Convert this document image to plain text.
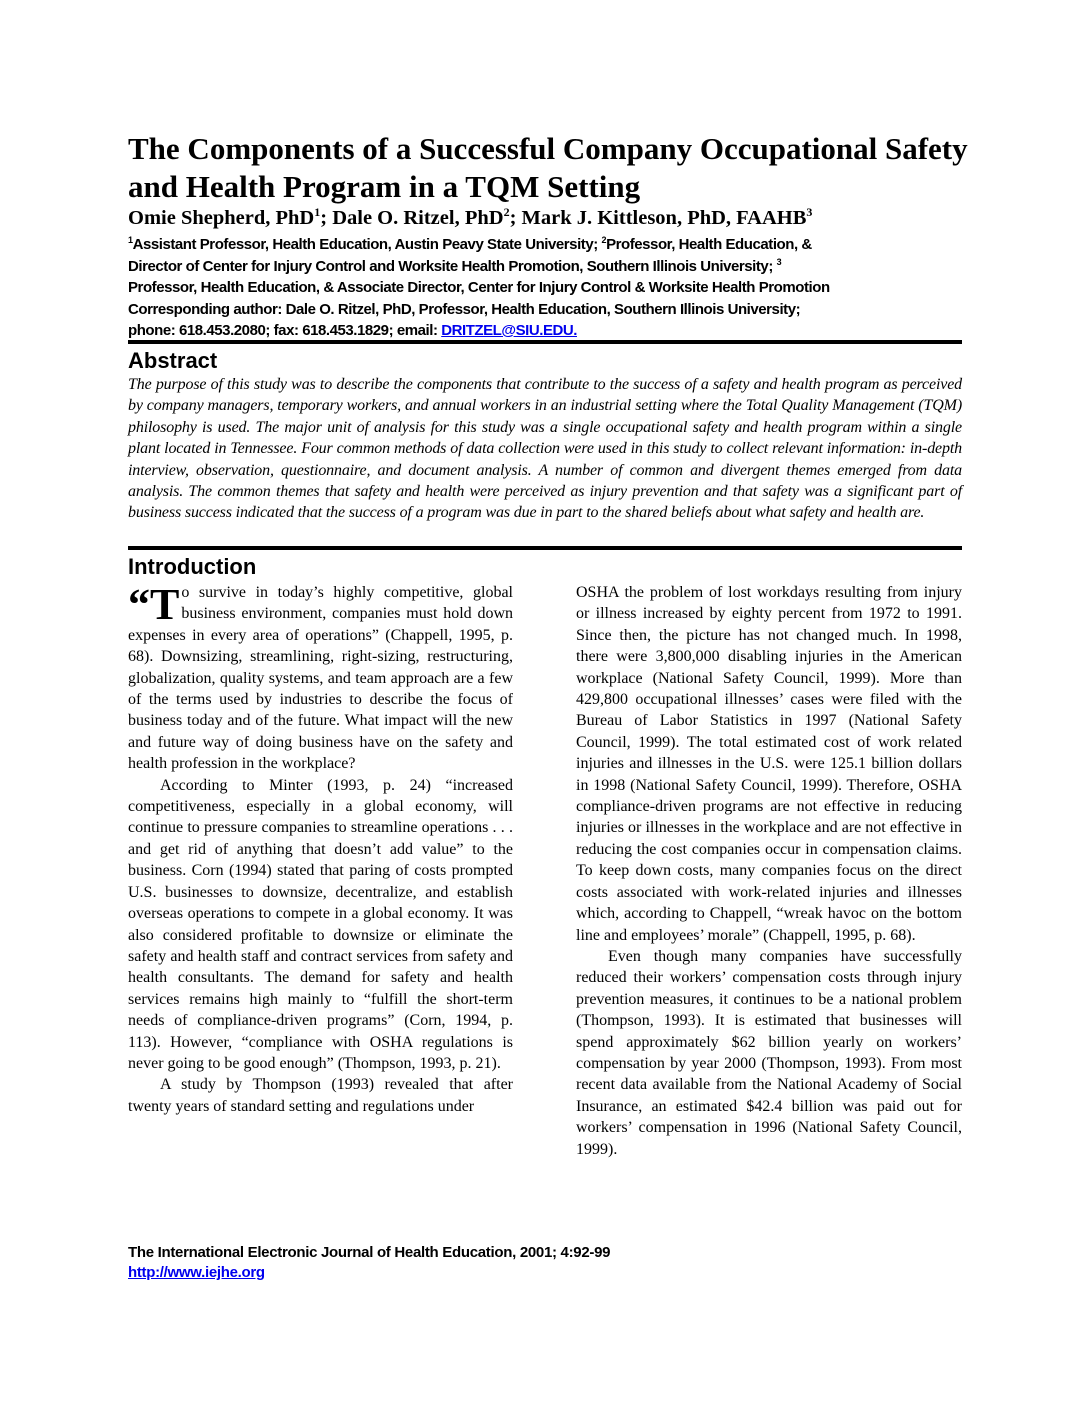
The Components of a Successful Company Occupational Safety and Health Program in a TQM Setting
Omie Shepherd, PhD$^1$; Dale O. Ritzel, PhD$^2$; Mark J. Kittleson, PhD, FAAHB$^3$
$^1$Assistant Professor, Health Education, Austin Peavy State University; $^2$Professor, Health Education, &
Director of Center for Injury Control and Worksite Health Promotion, Southern Illinois University; $^3$
Professor, Health Education, & Associate Director, Center for Injury Control & Worksite Health Promotion
Corresponding author: Dale O. Ritzel, PhD, Professor, Health Education, Southern Illinois University;
phone: 618.453.2080; fax: 618.453.1829; email: DRITZEL@SIU.EDU.
Abstract

The purpose of this study was to describe the components that contribute to the success of a safety and health program as perceived by company managers, temporary workers, and annual workers in an industrial setting where the Total Quality Management (TQM) philosophy is used. The major unit of analysis for this study was a single occupational safety and health program within a single plant located in Tennessee. Four common methods of data collection were used in this study to collect relevant information: in-depth interview, observation, questionnaire, and document analysis. A number of common and divergent themes emerged from data analysis. The common themes that safety and health were perceived as injury prevention and that safety was a significant part of business success indicated that the success of a program was due in part to the shared beliefs about what safety and health are.

Introduction

“To survive in today’s highly competitive, global business environment, companies must hold down expenses in every area of operations” (Chappell, 1995, p. 68). Downsizing, streamlining, right-sizing, restructuring, globalization, quality systems, and team approach are a few of the terms used by industries to describe the focus of business today and of the future. What impact will the new and future way of doing business have on the safety and health profession in the workplace?

According to Minter (1993, p. 24) “increased competitiveness, especially in a global economy, will continue to pressure companies to streamline operations . . . and get rid of anything that doesn’t add value” to the business. Corn (1994) stated that paring of costs prompted U.S. businesses to downsize, decentralize, and establish overseas operations to compete in a global economy. It was also considered profitable to downsize or eliminate the safety and health staff and contract services from safety and health consultants. The demand for safety and health services remains high mainly to “fulfill the short-term needs of compliance-driven programs” (Corn, 1994, p. 113). However, “compliance with OSHA regulations is never going to be good enough” (Thompson, 1993, p. 21).

A study by Thompson (1993) revealed that after twenty years of standard setting and regulations under

OSHA the problem of lost workdays resulting from injury or illness increased by eighty percent from 1972 to 1991. Since then, the picture has not changed much. In 1998, there were 3,800,000 disabling injuries in the American workplace (National Safety Council, 1999). More than 429,800 occupational illnesses’ cases were filed with the Bureau of Labor Statistics in 1997 (National Safety Council, 1999). The total estimated cost of work related injuries and illnesses in the U.S. were 125.1 billion dollars in 1998 (National Safety Council, 1999). Therefore, OSHA compliance-driven programs are not effective in reducing injuries or illnesses in the workplace and are not effective in reducing the cost companies occur in compensation claims. To keep down costs, many companies focus on the direct costs associated with work-related injuries and illnesses which, according to Chappell, “wreak havoc on the bottom line and employees’ morale” (Chappell, 1995, p. 68).

Even though many companies have successfully reduced their workers’ compensation costs through injury prevention measures, it continues to be a national problem (Thompson, 1993). It is estimated that businesses will spend approximately $62 billion yearly on workers’ compensation by year 2000 (Thompson, 1993). From most recent data available from the National Academy of Social Insurance, an estimated $42.4 billion was paid out for workers’ compensation in 1996 (National Safety Council, 1999).

The International Electronic Journal of Health Education, 2001; 4:92-99
http://www.iejhe.org
